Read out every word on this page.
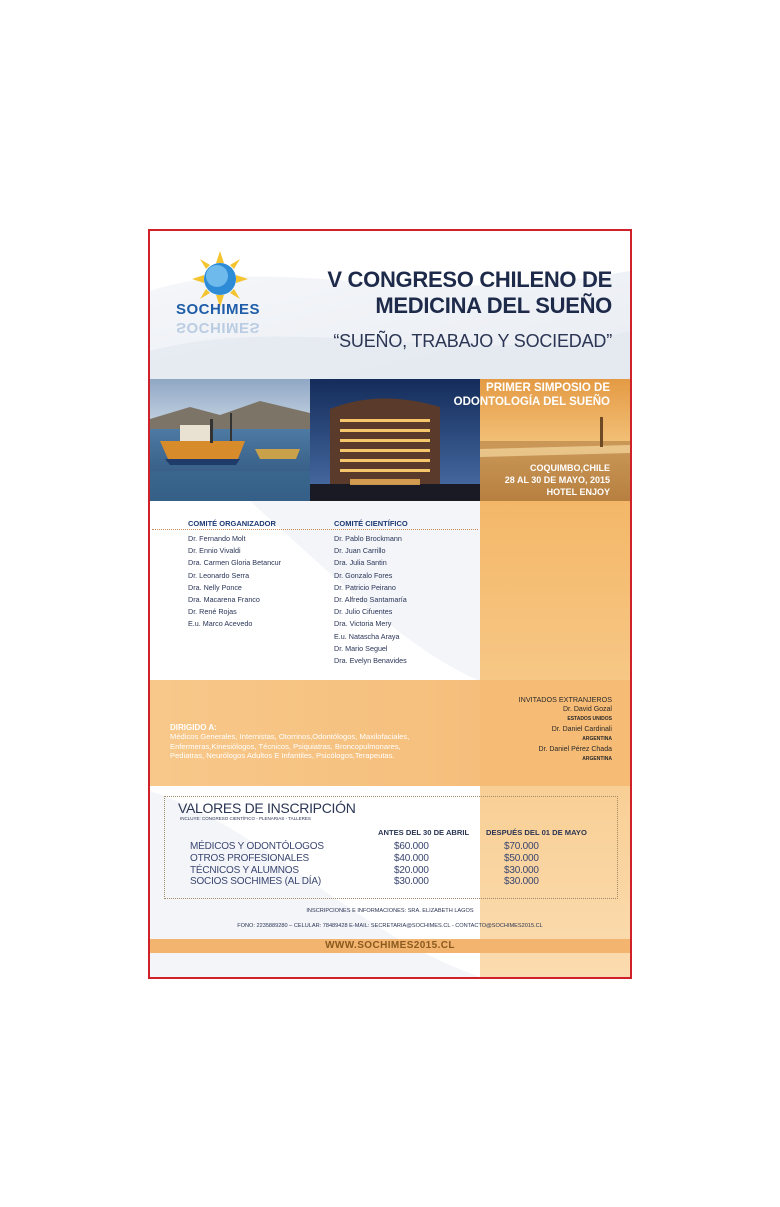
SOCHIMES
SOCHIMES
V CONGRESO CHILENO DE
MEDICINA DEL SUEÑO
“SUEÑO, TRABAJO Y SOCIEDAD”
PRIMER SIMPOSIO DE ODONTOLOGÍA DEL SUEÑO
COQUIMBO,CHILE
28 AL 30 DE MAYO, 2015
HOTEL ENJOY
COMITÉ ORGANIZADOR	COMITÉ CIENTÍFICO
Dr. Fernando Molt
Dr. Ennio Vivaldi
Dra. Carmen Gloria Betancur
Dr. Leonardo Serra
Dra. Nelly Ponce
Dra. Macarena Franco
Dr. René Rojas
E.u. Marco Acevedo
Dr. Pablo Brockmann
Dr. Juan Carrillo
Dra. Julia Santin
Dr. Gonzalo Fores
Dr. Patricio Peirano
Dr. Alfredo Santamaría
Dr. Julio Cifuentes
Dra. Victoria Mery
E.u. Natascha Araya
Dr. Mario Seguel
Dra. Evelyn Benavides
DIRIGIDO A:
Médicos Generales, Internistas, Otorrinos,Odontólogos, Maxilofaciales, Enfermeras,Kinesiólogos, Técnicos, Psiquiatras, Broncopulmonares, Pediatras, Neurólogos Adultos E Infantiles, Psicólogos,Terapeutas.
INVITADOS EXTRANJEROS
Dr. David Gozal
ESTADOS UNIDOS
Dr. Daniel Cardinali
ARGENTINA
Dr. Daniel Pérez Chada
ARGENTINA
VALORES DE INSCRIPCIÓN
INCLUYE: CONGRESO CIENTÍFICO - PLENARIAS - TALLERES
ANTES DEL 30 DE ABRIL DESPUÉS DEL 01 DE MAYO
MÉDICOS Y ODONTÓLOGOS	$60.000	$70.000
OTROS PROFESIONALES	$40.000	$50.000
TÉCNICOS Y ALUMNOS	$20.000	$30.000
SOCIOS SOCHIMES (AL DÍA)	$30.000	$30.000
INSCRIPCIONES E INFORMACIONES: SRA. ELIZABETH LAGOS
FONO: 2235889280 – CELULAR: 78489428 E-MAIL: SECRETARIA@SOCHIMES.CL - CONTACTO@SOCHIMES2015.CL
WWW.SOCHIMES2015.CL
